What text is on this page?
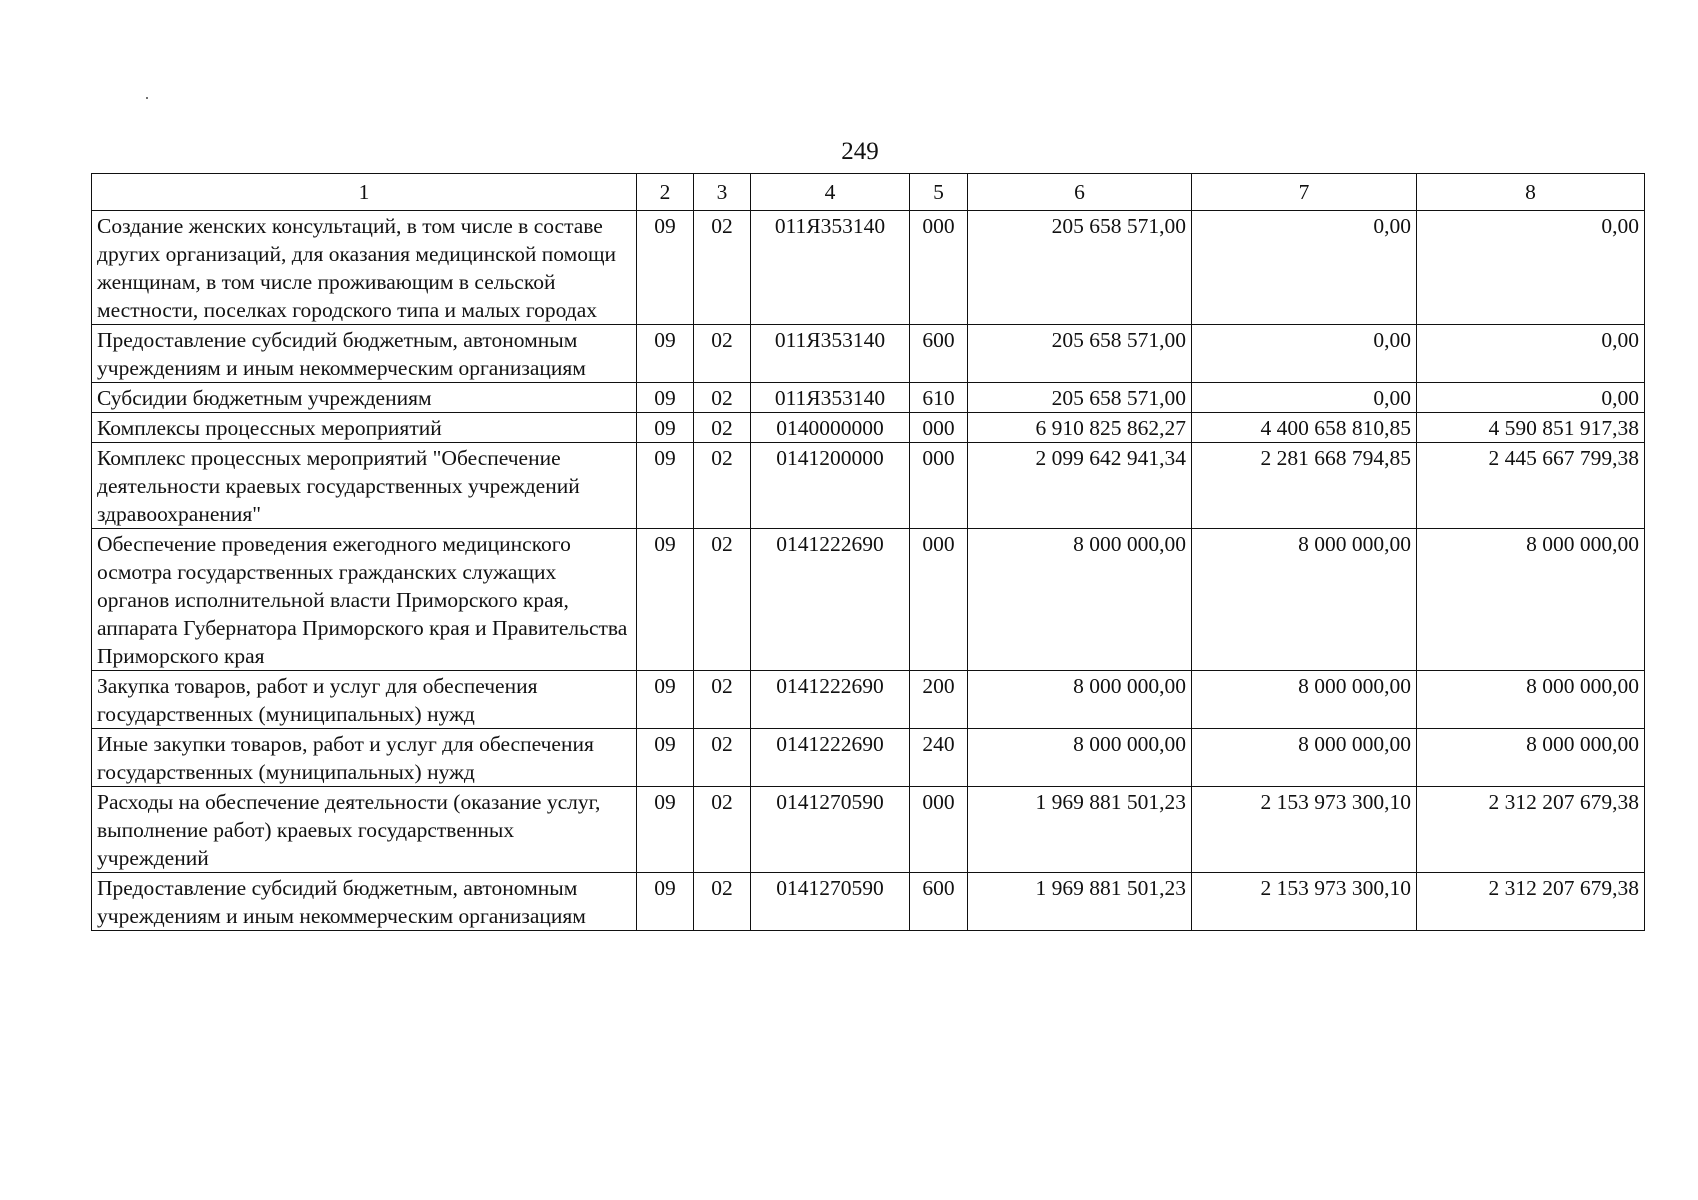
249
1	2	3	4	5	6	7	8
Создание женских консультаций, в том числе в составе других организаций, для оказания медицинской помощи женщинам, в том числе проживающим в сельской местности, поселках городского типа и малых городах	09	02	011Я353140	000	205 658 571,00	0,00	0,00
Предоставление субсидий бюджетным, автономным учреждениям и иным некоммерческим организациям	09	02	011Я353140	600	205 658 571,00	0,00	0,00
Субсидии бюджетным учреждениям	09	02	011Я353140	610	205 658 571,00	0,00	0,00
Комплексы процессных мероприятий	09	02	0140000000	000	6 910 825 862,27	4 400 658 810,85	4 590 851 917,38
Комплекс процессных мероприятий "Обеспечение деятельности краевых государственных учреждений здравоохранения"	09	02	0141200000	000	2 099 642 941,34	2 281 668 794,85	2 445 667 799,38
Обеспечение проведения ежегодного медицинского осмотра государственных гражданских служащих органов исполнительной власти Приморского края, аппарата Губернатора Приморского края и Правительства Приморского края	09	02	0141222690	000	8 000 000,00	8 000 000,00	8 000 000,00
Закупка товаров, работ и услуг для обеспечения государственных (муниципальных) нужд	09	02	0141222690	200	8 000 000,00	8 000 000,00	8 000 000,00
Иные закупки товаров, работ и услуг для обеспечения государственных (муниципальных) нужд	09	02	0141222690	240	8 000 000,00	8 000 000,00	8 000 000,00
Расходы на обеспечение деятельности (оказание услуг, выполнение работ) краевых государственных учреждений	09	02	0141270590	000	1 969 881 501,23	2 153 973 300,10	2 312 207 679,38
Предоставление субсидий бюджетным, автономным учреждениям и иным некоммерческим организациям	09	02	0141270590	600	1 969 881 501,23	2 153 973 300,10	2 312 207 679,38
